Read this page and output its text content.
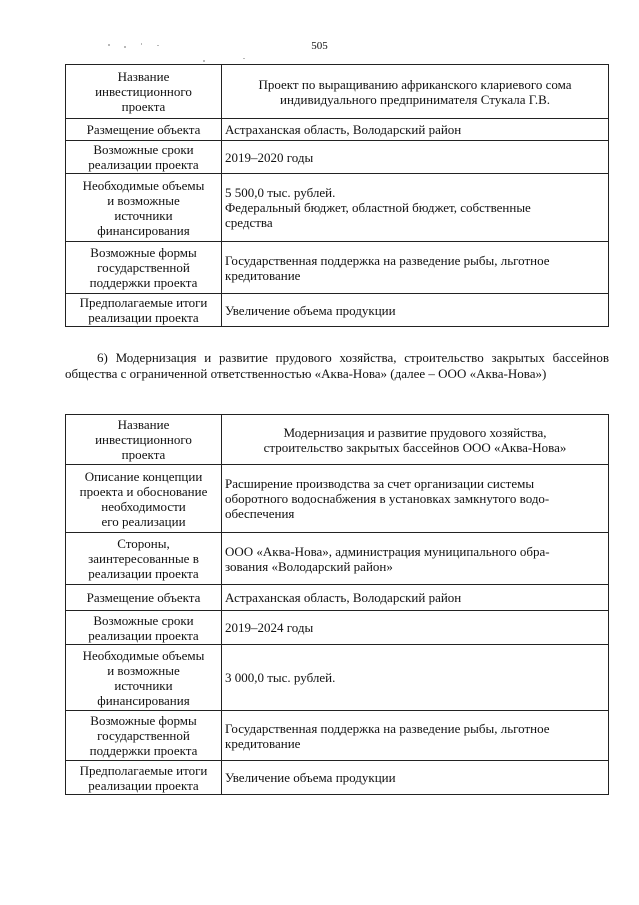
505
Название
инвестиционного
проекта	Проект по выращиванию африканского клариевого сома
индивидуального предпринимателя Стукала Г.В.

Размещение объекта	Астраханская область, Володарский район

Возможные сроки
реализации проекта	2019–2020 годы

Необходимые объемы
и возможные
источники
финансирования	5 500,0 тыс. рублей.
Федеральный бюджет, областной бюджет, собственные
средства

Возможные формы
государственной
поддержки проекта	Государственная поддержка на разведение рыбы, льготное
кредитование

Предполагаемые итоги
реализации проекта	Увеличение объема продукции
6) Модернизация и развитие прудового хозяйства, строительство закрытых бассейнов общества с ограниченной ответственностью «Аква-Нова» (далее – ООО «Аква-Нова»)
Название
инвестиционного
проекта	Модернизация и развитие прудового хозяйства,
строительство закрытых бассейнов ООО «Аква-Нова»

Описание концепции
проекта и обоснование
необходимости
его реализации	Расширение производства за счет организации системы
оборотного водоснабжения в установках замкнутого водо-
обеспечения

Стороны,
заинтересованные в
реализации проекта	ООО «Аква-Нова», администрация муниципального обра-
зования «Володарский район»

Размещение объекта	Астраханская область, Володарский район

Возможные сроки
реализации проекта	2019–2024 годы

Необходимые объемы
и возможные
источники
финансирования	3 000,0 тыс. рублей.

Возможные формы
государственной
поддержки проекта	Государственная поддержка на разведение рыбы, льготное
кредитование

Предполагаемые итоги
реализации проекта	Увеличение объема продукции
